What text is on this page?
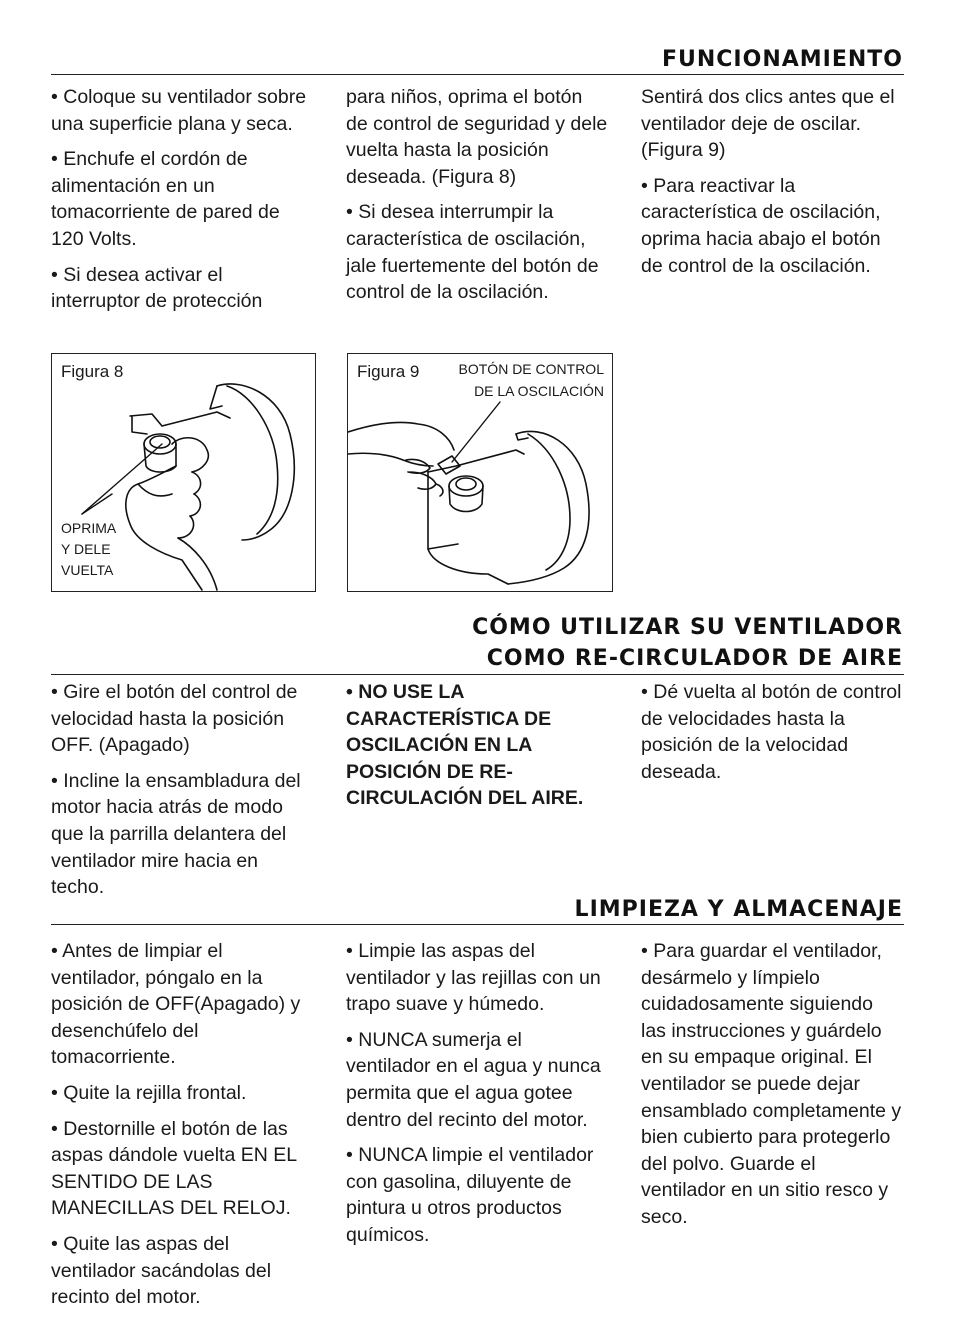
FUNCIONAMIENTO

• Coloque su ventilador sobre una superficie plana y seca.

• Enchufe el cordón de alimentación en un tomacorriente de pared de 120 Volts.

• Si desea activar el interruptor de protección

para niños, oprima el botón de control de seguridad y dele vuelta hasta la posición deseada. (Figura 8)

• Si desea interrumpir la característica de oscilación, jale fuertemente del botón de control de la oscilación.

Sentirá dos clics antes que el ventilador deje de oscilar. (Figura 9)

• Para reactivar la característica de oscilación, oprima hacia abajo el botón de control de la oscilación.

Figura 8
OPRIMA
Y DELE
VUELTA
Figura 9	BOTÓN DE CONTROL
DE LA OSCILACIÓN
CÓMO UTILIZAR SU VENTILADOR
COMO RE-CIRCULADOR DE AIRE

• Gire el botón del control de velocidad hasta la posición OFF. (Apagado)

• Incline la ensambladura del motor hacia atrás de modo que la parrilla delantera del ventilador mire hacia en techo.

• NO USE LA CARACTERÍSTICA DE OSCILACIÓN EN LA POSICIÓN DE RE-CIRCULACIÓN DEL AIRE.

• Dé vuelta al botón de control de velocidades hasta la posición de la velocidad deseada.

LIMPIEZA Y ALMACENAJE

• Antes de limpiar el ventilador, póngalo en la posición de OFF(Apagado) y desenchúfelo del tomacorriente.

• Quite la rejilla frontal.

• Destornille el botón de las aspas dándole vuelta EN EL SENTIDO DE LAS MANECILLAS DEL RELOJ.

• Quite las aspas del ventilador sacándolas del recinto del motor.

• Limpie las aspas del ventilador y las rejillas con un trapo suave y húmedo.

• NUNCA sumerja el ventilador en el agua y nunca permita que el agua gotee dentro del recinto del motor.

• NUNCA limpie el ventilador con gasolina, diluyente de pintura u otros productos químicos.

• Para guardar el ventilador, desármelo y límpielo cuidadosamente siguiendo las instrucciones y guárdelo en su empaque original. El ventilador se puede dejar ensamblado completamente y bien cubierto para protegerlo del polvo. Guarde el ventilador en un sitio resco y seco.
